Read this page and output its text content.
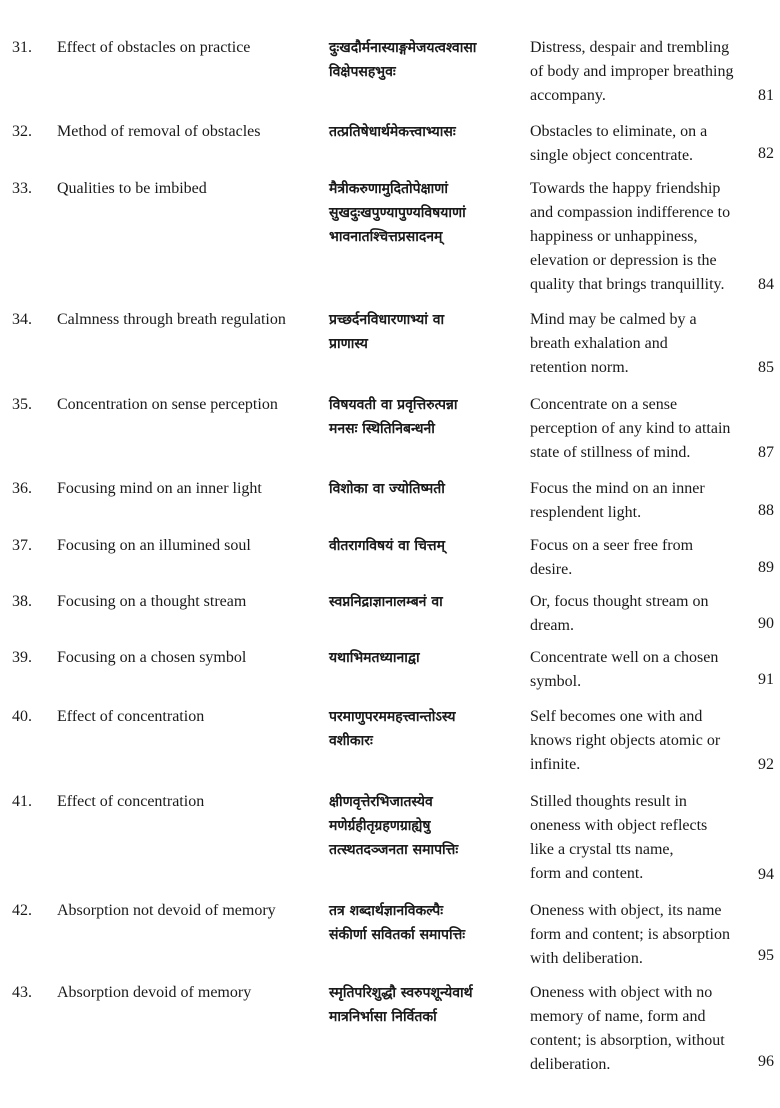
31. Effect of obstacles on practice	दुःखदौर्मनास्याङ्गमेजयत्वश्वासा
विक्षेपसहभुवः
Distress, despair and trembling
of body and improper breathing
accompany.	81
32. Method of removal of obstacles	तत्प्रतिषेधार्थमेकत्त्वाभ्यासः	Obstacles to eliminate, on a
single object concentrate.	82
33. Qualities to be imbibed	मैत्रीकरुणामुदितोपेक्षाणां
सुखदुःखपुण्यापुण्यविषयाणां
भावनातश्चित्तप्रसादनम्
Towards the happy friendship
and compassion indifference to
happiness or unhappiness,
elevation or depression is the
quality that brings tranquillity.	84
34. Calmness through breath regulation	प्रच्छर्दनविधारणाभ्यां वा
प्राणास्य
Mind may be calmed by a
breath exhalation and
retention norm.	85
35. Concentration on sense perception	विषयवती वा प्रवृत्तिरुत्पन्ना
मनसः स्थितिनिबन्धनी
Concentrate on a sense
perception of any kind to attain
state of stillness of mind.	87
36. Focusing mind on an inner light	विशोका वा ज्योतिष्मती	Focus the mind on an inner
resplendent light.	88
37. Focusing on an illumined soul	वीतरागविषयं वा चित्तम्	Focus on a seer free from
desire.	89
38. Focusing on a thought stream	स्वप्ननिद्राज्ञानालम्बनं वा	Or, focus thought stream on
dream.	90
39. Focusing on a chosen symbol	यथाभिमतध्यानाद्वा	Concentrate well on a chosen
symbol.	91
40. Effect of concentration	परमाणुपरममहत्त्वान्तोऽस्य
वशीकारः
Self becomes one with and
knows right objects atomic or
infinite.	92
41. Effect of concentration	क्षीणवृत्तेरभिजातस्येव
मणेर्ग्रहीतृग्रहणग्राह्येषु
तत्स्थतदञ्जनता समापत्तिः
Stilled thoughts result in
oneness with object reflects
like a crystal tts name,
form and content.	94
42. Absorption not devoid of memory	तत्र शब्दार्थज्ञानविकल्पैः
संकीर्णा सवितर्का समापत्तिः
Oneness with object, its name
form and content; is absorption
with deliberation.	95
43. Absorption devoid of memory	स्मृतिपरिशुद्धौ स्वरुपशून्येवार्थ
मात्रनिर्भासा निर्वितर्का
Oneness with object with no
memory of name, form and
content; is absorption, without
deliberation.	96
